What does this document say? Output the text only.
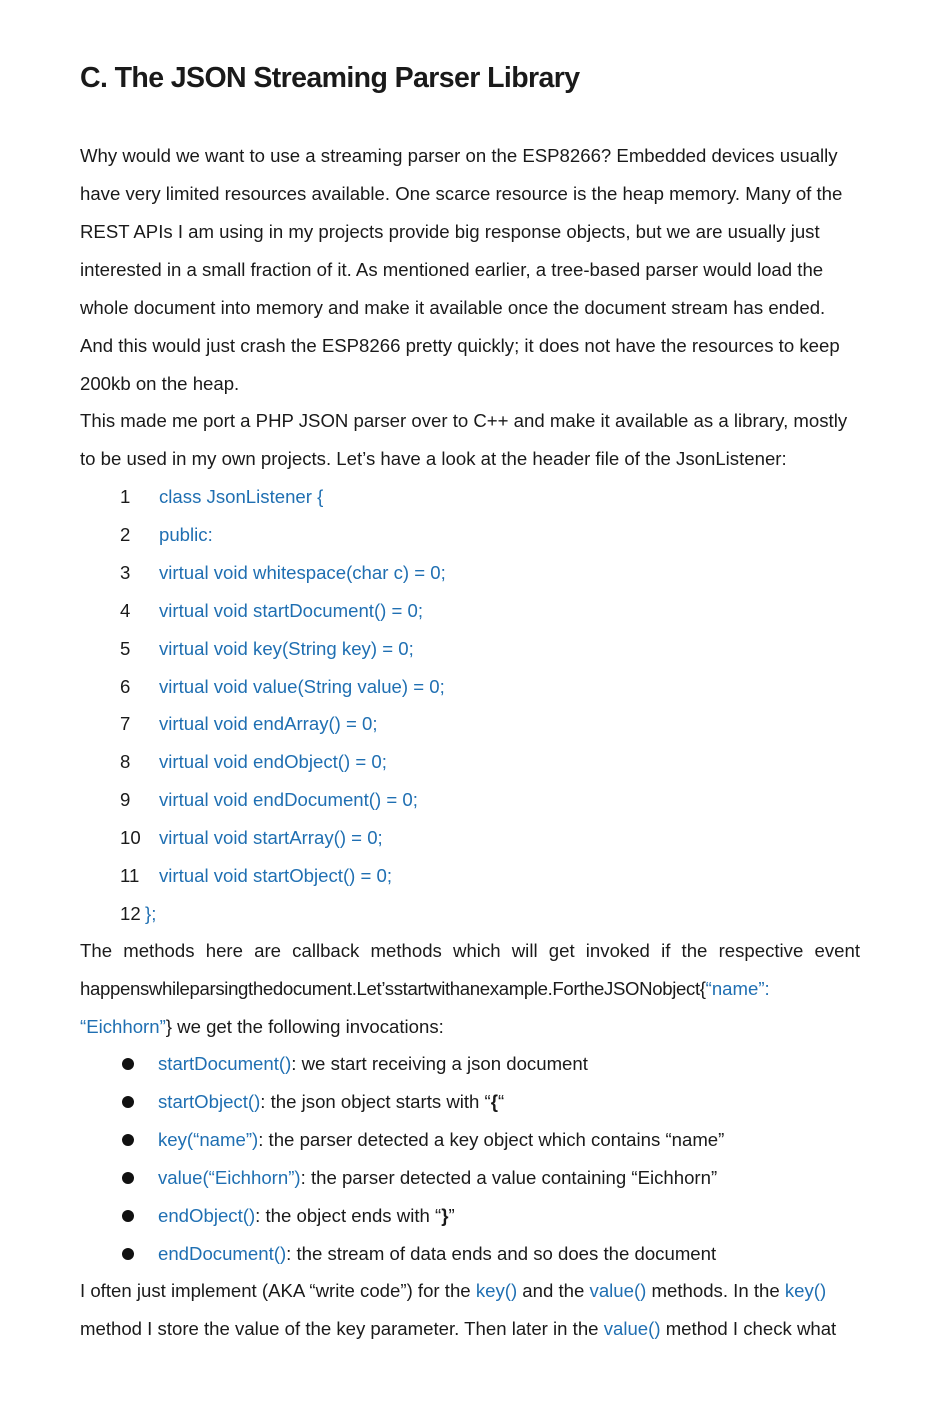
C. The JSON Streaming Parser Library
Why would we want to use a streaming parser on the ESP8266? Embedded devices usually
have very limited resources available. One scarce resource is the heap memory. Many of the
REST APIs I am using in my projects provide big response objects, but we are usually just
interested in a small fraction of it. As mentioned earlier, a tree-based parser would load the
whole document into memory and make it available once the document stream has ended.
And this would just crash the ESP8266 pretty quickly; it does not have the resources to keep
200kb on the heap.
This made me port a PHP JSON parser over to C++ and make it available as a library, mostly
to be used in my own projects. Let’s have a look at the header file of the JsonListener:
1	class JsonListener {
2	public:
3	virtual void whitespace(char c) = 0;
4	virtual void startDocument() = 0;
5	virtual void key(String key) = 0;
6	virtual void value(String value) = 0;
7	virtual void endArray() = 0;
8	virtual void endObject() = 0;
9	virtual void endDocument() = 0;
10 virtual void startArray() = 0;
11	virtual void startObject() = 0;
12 };
The methods here are callback methods which will get invoked if the respective event
happenswhileparsingthedocument.Let’sstartwithanexample.FortheJSONobject{“name”:
“Eichhorn”} we get the following invocations:
startDocument(): we start receiving a json document
startObject(): the json object starts with “{“
key(“name”): the parser detected a key object which contains “name”
value(“Eichhorn”): the parser detected a value containing “Eichhorn”
endObject(): the object ends with “}”
endDocument(): the stream of data ends and so does the document
I often just implement (AKA “write code”) for the key() and the value() methods. In the key()
method I store the value of the key parameter. Then later in the value() method I check what
